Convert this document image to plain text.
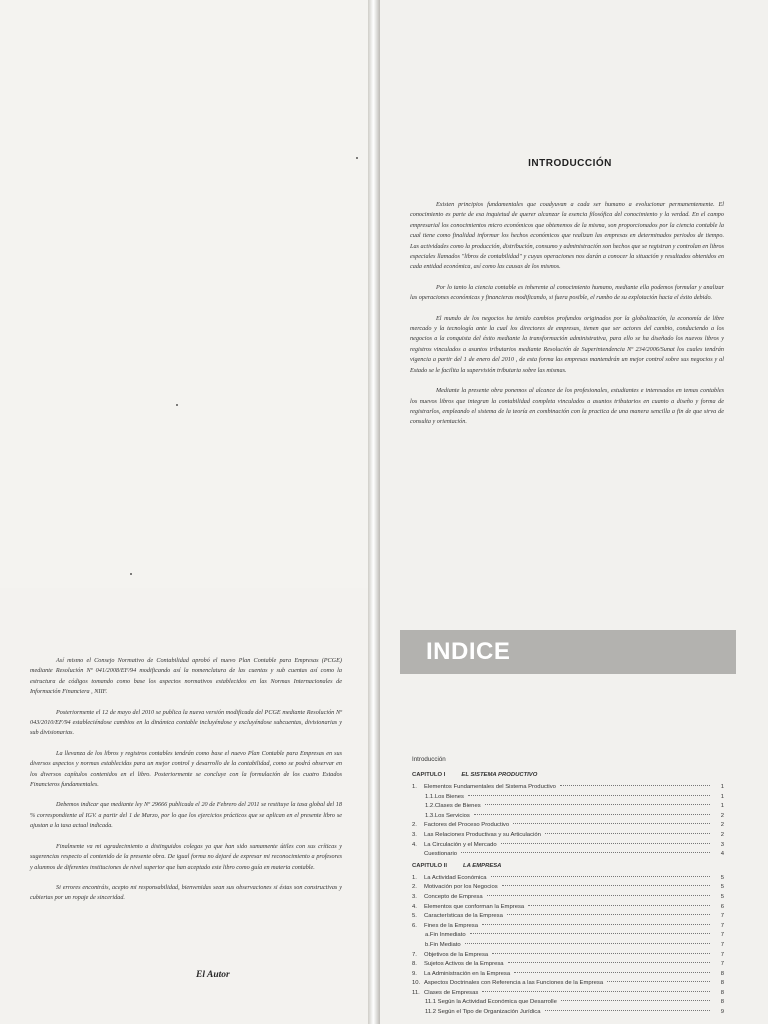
INTRODUCCIÓN

Existen principios fundamentales que coadyuvan a cada ser humano a evolucionar permanentemente. El conocimiento es parte de esa inquietud de querer alcanzar la esencia filosófica del conocimiento y la verdad. En el campo empresarial los conocimientos micro económicos que obtenemos de la misma, son proporcionados por la ciencia contable la cual tiene como finalidad informar los hechos económicos que realizan las empresas en determinados periodos de tiempo. Las actividades como la producción, distribución, consumo y administración son hechos que se registran y controlan en libros especiales llamados "libros de contabilidad" y cuyas operaciones nos darán a conocer la situación y resultados obtenidos en cada entidad económica, así como las causas de los mismos.

Por lo tanto la ciencia contable es inherente al conocimiento humano, mediante ella podemos formular y analizar las operaciones económicas y financieras modificando, si fuera posible, el rumbo de su explotación hacia el éxito debido.

El mundo de los negocios ha tenido cambios profundos originados por la globalización, la economía de libre mercado y la tecnología ante la cual los directores de empresas, tienen que ser actores del cambio, conduciendo a los negocios a la conquista del éxito mediante la transformación administrativa, para ello se ha diseñado los nuevos libros y registros vinculados a asuntos tributarios mediante Resolución de Superintendencia Nº 234/2006/Sunat los cuales tendrán vigencia a partir del 1 de enero del 2010 , de esta forma las empresas mantendrán un mejor control sobre sus negocios y al Estado se le facilita la supervisión tributaria sobre las mismas.

Mediante la presente obra ponemos al alcance de los profesionales, estudiantes e interesados en temas contables los nuevos libros que integran la contabilidad completa vinculados a asuntos tributarios en cuanto a diseño y forma de registrarlos, empleando el sistema de la teoría en combinación con la practica de una manera sencilla a fin de que sirva de consulta y orientación.

Así mismo el Consejo Normativo de Contabilidad aprobó el nuevo Plan Contable para Empresas (PCGE) mediante Resolución Nº 041/2008/EF/94 modificando así la nomenclatura de las cuentas y sub cuentas así como la estructura de códigos tomando como base los aspectos normativos establecidos en las Normas Internacionales de Información Financiera , NIIF.

Posteriormente el 12 de mayo del 2010 se publica la nueva versión modificada del PCGE mediante Resolución Nº 043/2010/EF/94 estableciéndose cambios en la dinámica contable incluyéndose y excluyéndose subcuentas, divisionarias y sub divisionarias.

La llevanza de los libros y registros contables tendrán como base el nuevo Plan Contable para Empresas en sus diversos aspectos y normas establecidas para un mejor control y desarrollo de la contabilidad, como se podrá observar en los diversos capítulos contenidos en el libro. Posteriormente se concluye con la formulación de los cuatro Estados Financieros fundamentales.

Debemos indicar que mediante ley Nº 29666 publicada el 20 de Febrero del 2011 se restituye la tasa global del 18 % correspondiente al IGV. a partir del 1 de Marzo, por lo que los ejercicios prácticos que se aplican en el presente libro se ajustan a la tasa actual indicada.

Finalmente va mi agradecimiento a distinguidos colegas ya que han sido sumamente útiles con sus críticas y sugerencias respecto al contenido de la presente obra. De igual forma no dejaré de expresar mi reconocimiento a profesores y alumnos de diferentes instituciones de nivel superior que han aceptado este libro como guía en materia contable.

Si errores encontráis, acepto mi responsabilidad, bienvenidas sean sus observaciones si éstas son constructivas y cubiertas por un ropaje de sinceridad.

El Autor

INDICE
Introducción
CAPITULO I	EL SISTEMA PRODUCTIVO
1.	Elementos Fundamentales del Sistema Productivo	1
1.1.Los Bienes	1
1.2.Clases de Bienes	1
1.3.Los Servicios	2
2.	Factores del Proceso Productivo	2
3.	Las Relaciones Productivas y su Articulación	2
4.	La Circulación y el Mercado	3
Cuestionario	4
CAPITULO II	LA EMPRESA
1.	La Actividad Económica	5
2.	Motivación por los Negocios	5
3.	Concepto de Empresa	5
4.	Elementos que conforman la Empresa	6
5.	Características de la Empresa	7
6.	Fines de la Empresa	7
a.Fin Inmediato	7
b.Fin Mediato	7
7.	Objetivos de la Empresa	7
8.	Sujetos Activos de la Empresa	7
9.	La Administración en la Empresa	8
10. Aspectos Doctrinales con Referencia a las Funciones de la Empresa	8
11. Clases de Empresas	8
11.1 Según la Actividad Económica que Desarrolle	8
11.2 Según el Tipo de Organización Jurídica	9
